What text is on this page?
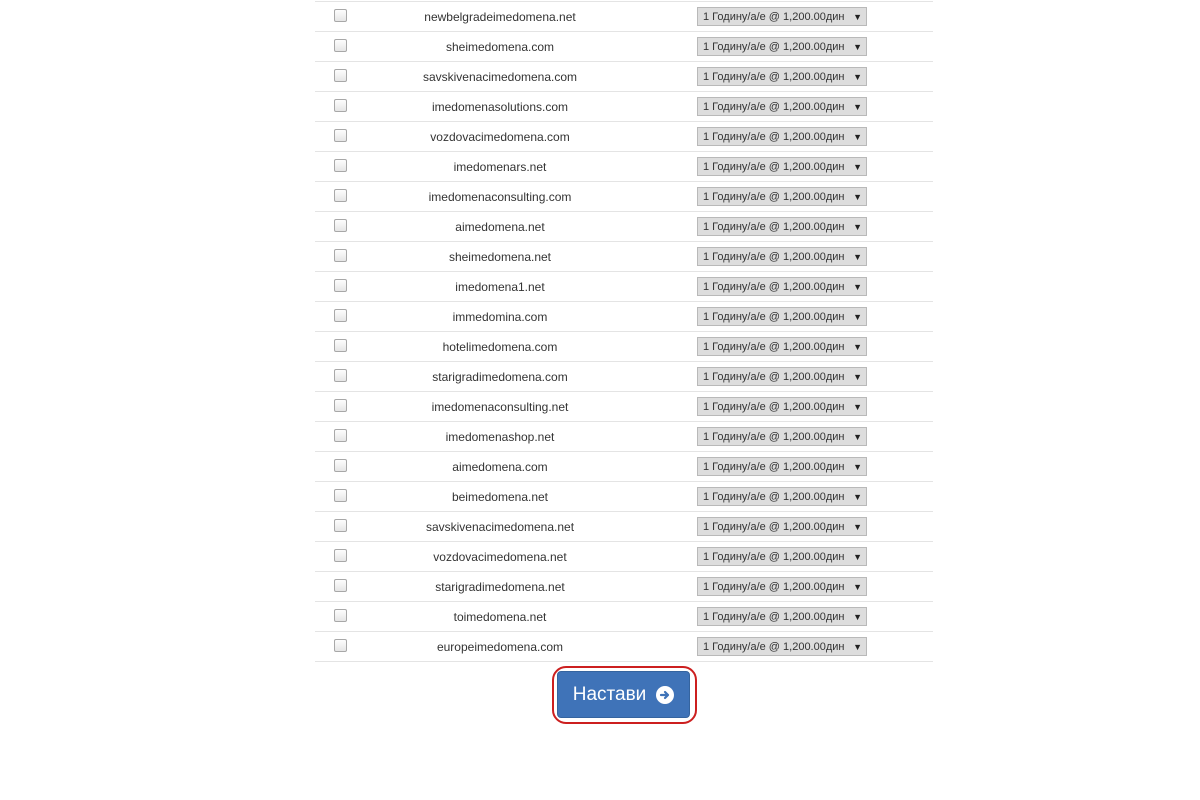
newbelgradeimedomena.net	1 Годину/а/е @ 1,200.00дин ▼
sheimedomena.com	1 Годину/а/е @ 1,200.00дин ▼
savskivenacimedomena.com	1 Годину/а/е @ 1,200.00дин ▼
imedomenasolutions.com	1 Годину/а/е @ 1,200.00дин ▼
vozdovacimedomena.com	1 Годину/а/е @ 1,200.00дин ▼
imedomenars.net	1 Годину/а/е @ 1,200.00дин ▼
imedomenaconsulting.com	1 Годину/а/е @ 1,200.00дин ▼
aimedomena.net	1 Годину/а/е @ 1,200.00дин ▼
sheimedomena.net	1 Годину/а/е @ 1,200.00дин ▼
imedomena1.net	1 Годину/а/е @ 1,200.00дин ▼
immedomina.com	1 Годину/а/е @ 1,200.00дин ▼
hotelimedomena.com	1 Годину/а/е @ 1,200.00дин ▼
starigradimedomena.com	1 Годину/а/е @ 1,200.00дин ▼
imedomenaconsulting.net	1 Годину/а/е @ 1,200.00дин ▼
imedomenashop.net	1 Годину/а/е @ 1,200.00дин ▼
aimedomena.com	1 Годину/а/е @ 1,200.00дин ▼
beimedomena.net	1 Годину/а/е @ 1,200.00дин ▼
savskivenacimedomena.net	1 Годину/а/е @ 1,200.00дин ▼
vozdovacimedomena.net	1 Годину/а/е @ 1,200.00дин ▼
starigradimedomena.net	1 Годину/а/е @ 1,200.00дин ▼
toimedomena.net	1 Годину/а/е @ 1,200.00дин ▼
europeimedomena.com	1 Годину/а/е @ 1,200.00дин ▼
Настави
